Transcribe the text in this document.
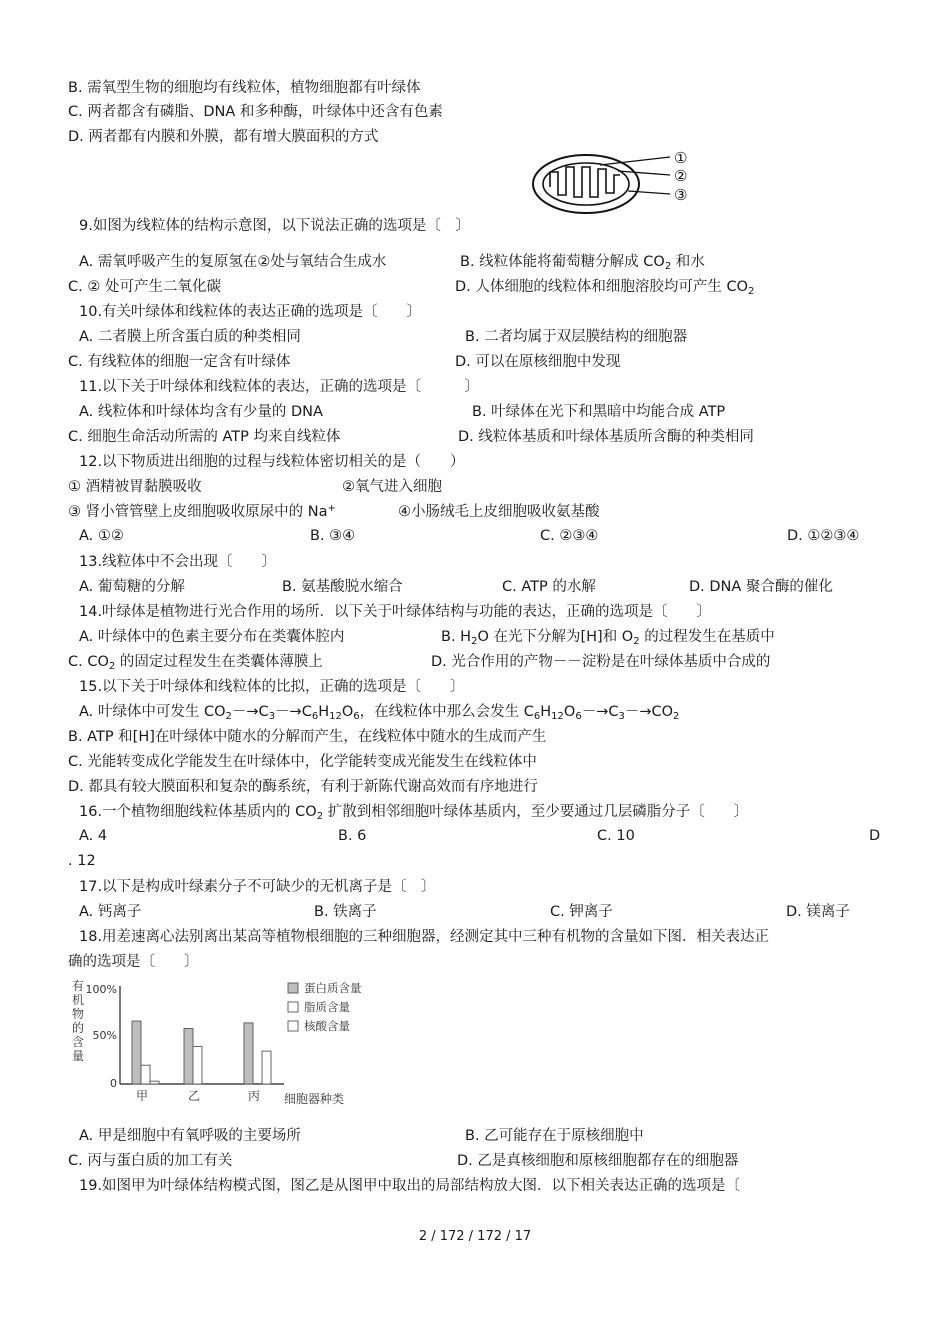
B. 需氧型生物的细胞均有线粒体，植物细胞都有叶绿体
C. 两者都含有磷脂、DNA 和多种酶，叶绿体中还含有色素
D. 两者都有内膜和外膜，都有增大膜面积的方式
①
②
③
9.如图为线粒体的结构示意图，以下说法正确的选项是〔　〕
A. 需氧呼吸产生的复原氢在②处与氧结合生成水	B. 线粒体能将葡萄糖分解成 $CO_2$ 和水
C. ② 处可产生二氧化碳	D. 人体细胞的线粒体和细胞溶胶均可产生 $CO_2$
10.有关叶绿体和线粒体的表达正确的选项是〔　　〕
A. 二者膜上所含蛋白质的种类相同	B. 二者均属于双层膜结构的细胞器
C. 有线粒体的细胞一定含有叶绿体	D. 可以在原核细胞中发现
11.以下关于叶绿体和线粒体的表达，正确的选项是〔　　　〕
A. 线粒体和叶绿体均含有少量的 DNA	B. 叶绿体在光下和黑暗中均能合成 ATP
C. 细胞生命活动所需的 ATP 均来自线粒体	D. 线粒体基质和叶绿体基质所含酶的种类相同
12.以下物质进出细胞的过程与线粒体密切相关的是（　　）
① 酒精被胃黏膜吸收	②氧气进入细胞
③ 肾小管管壁上皮细胞吸收原尿中的 Na+	④小肠绒毛上皮细胞吸收氨基酸
A. ①②	B. ③④	C. ②③④	D. ①②③④
13.线粒体中不会出现〔　　〕
A. 葡萄糖的分解	B. 氨基酸脱水缩合	C. ATP 的水解	D. DNA 聚合酶的催化
14.叶绿体是植物进行光合作用的场所．以下关于叶绿体结构与功能的表达，正确的选项是〔　　〕
A. 叶绿体中的色素主要分布在类囊体腔内	B. $H_2O$ 在光下分解为[H]和 $O_2$ 的过程发生在基质中
C. $CO_2$ 的固定过程发生在类囊体薄膜上	D. 光合作用的产物－－淀粉是在叶绿体基质中合成的
15.以下关于叶绿体和线粒体的比拟，正确的选项是〔　　〕
A. 叶绿体中可发生 $CO_2-\to C_3-\to C_6H_{12}O_6$，在线粒体中那么会发生 $C_6H_{12}O_6-\to C_3-\to CO_2$
B. ATP 和[H]在叶绿体中随水的分解而产生，在线粒体中随水的生成而产生
C. 光能转变成化学能发生在叶绿体中，化学能转变成光能发生在线粒体中
D. 都具有较大膜面积和复杂的酶系统，有利于新陈代谢高效而有序地进行
16.一个植物细胞线粒体基质内的 $CO_2$ 扩散到相邻细胞叶绿体基质内，至少要通过几层磷脂分子〔　　〕
A. 4	B. 6	C. 10	D
. 12
17.以下是构成叶绿素分子不可缺少的无机离子是〔　〕
A. 钙离子	B. 铁离子	C. 钾离子	D. 镁离子
18.用差速离心法别离出某高等植物根细胞的三种细胞器，经测定其中三种有机物的含量如下图．相关表达正
确的选项是〔　　〕
有
机
物
的
含
量
100%
50%
0
甲	乙	丙 细胞器种类
蛋白质含量
脂质含量
核酸含量
A. 甲是细胞中有氧呼吸的主要场所	B. 乙可能存在于原核细胞中
C. 丙与蛋白质的加工有关	D. 乙是真核细胞和原核细胞都存在的细胞器
19.如图甲为叶绿体结构模式图，图乙是从图甲中取出的局部结构放大图．以下相关表达正确的选项是〔
2 / 172 / 172 / 17
